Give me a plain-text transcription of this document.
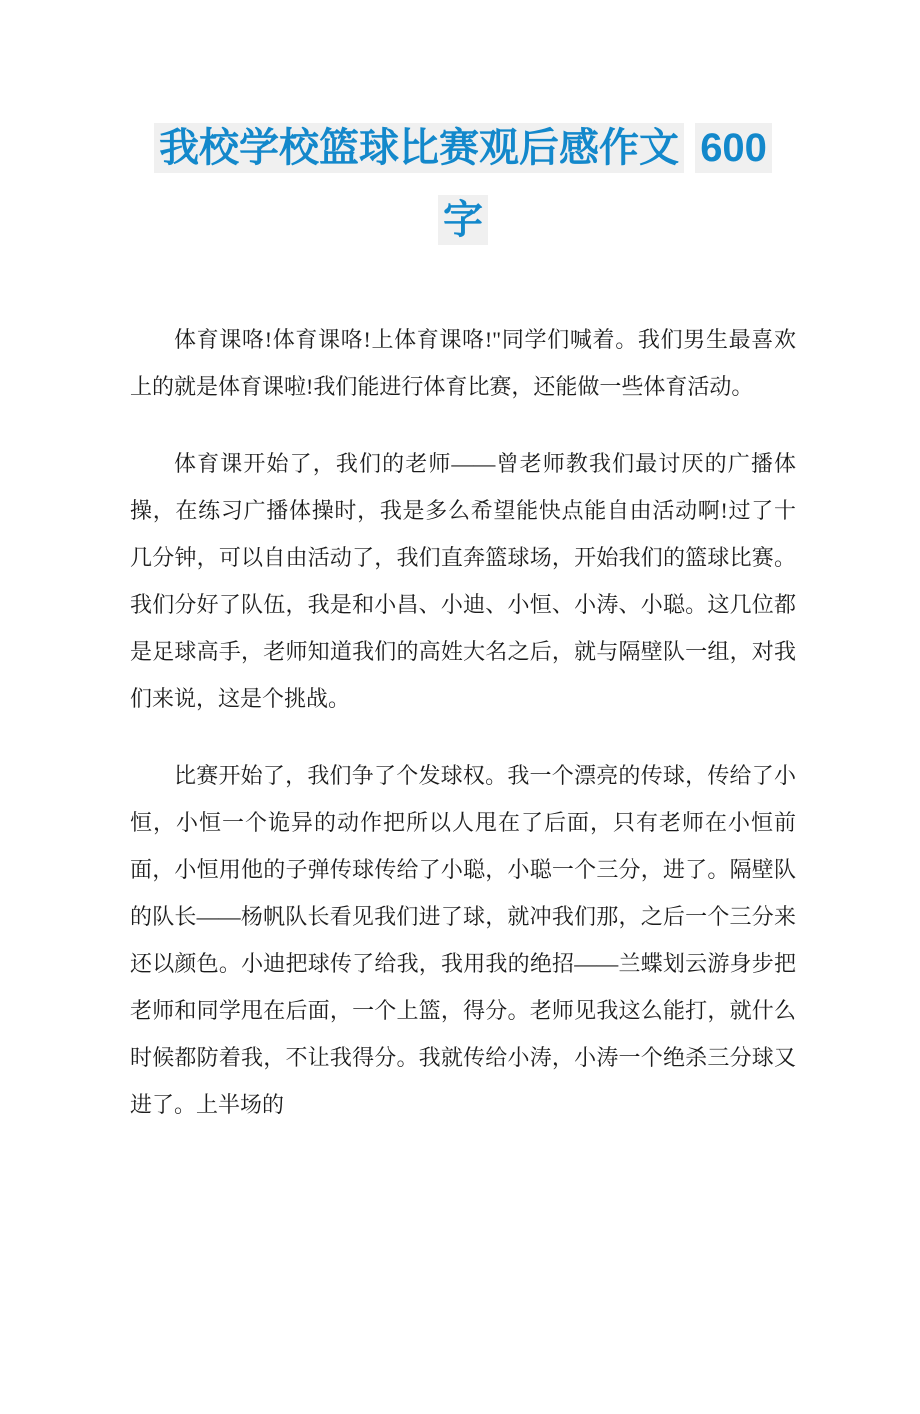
我校学校篮球比赛观后感作文 600
字

体育课咯!体育课咯!上体育课咯!"同学们喊着。我们男生最喜欢上的就是体育课啦!我们能进行体育比赛，还能做一些体育活动。

体育课开始了，我们的老师——曾老师教我们最讨厌的广播体操，在练习广播体操时，我是多么希望能快点能自由活动啊!过了十几分钟，可以自由活动了，我们直奔篮球场，开始我们的篮球比赛。我们分好了队伍，我是和小昌、小迪、小恒、小涛、小聪。这几位都是足球高手，老师知道我们的高姓大名之后，就与隔壁队一组，对我们来说，这是个挑战。

比赛开始了，我们争了个发球权。我一个漂亮的传球，传给了小恒，小恒一个诡异的动作把所以人甩在了后面，只有老师在小恒前面，小恒用他的子弹传球传给了小聪，小聪一个三分，进了。隔壁队的队长——杨帆队长看见我们进了球，就冲我们那，之后一个三分来还以颜色。小迪把球传了给我，我用我的绝招——兰蝶划云游身步把老师和同学甩在后面，一个上篮，得分。老师见我这么能打，就什么时候都防着我，不让我得分。我就传给小涛，小涛一个绝杀三分球又进了。上半场的
